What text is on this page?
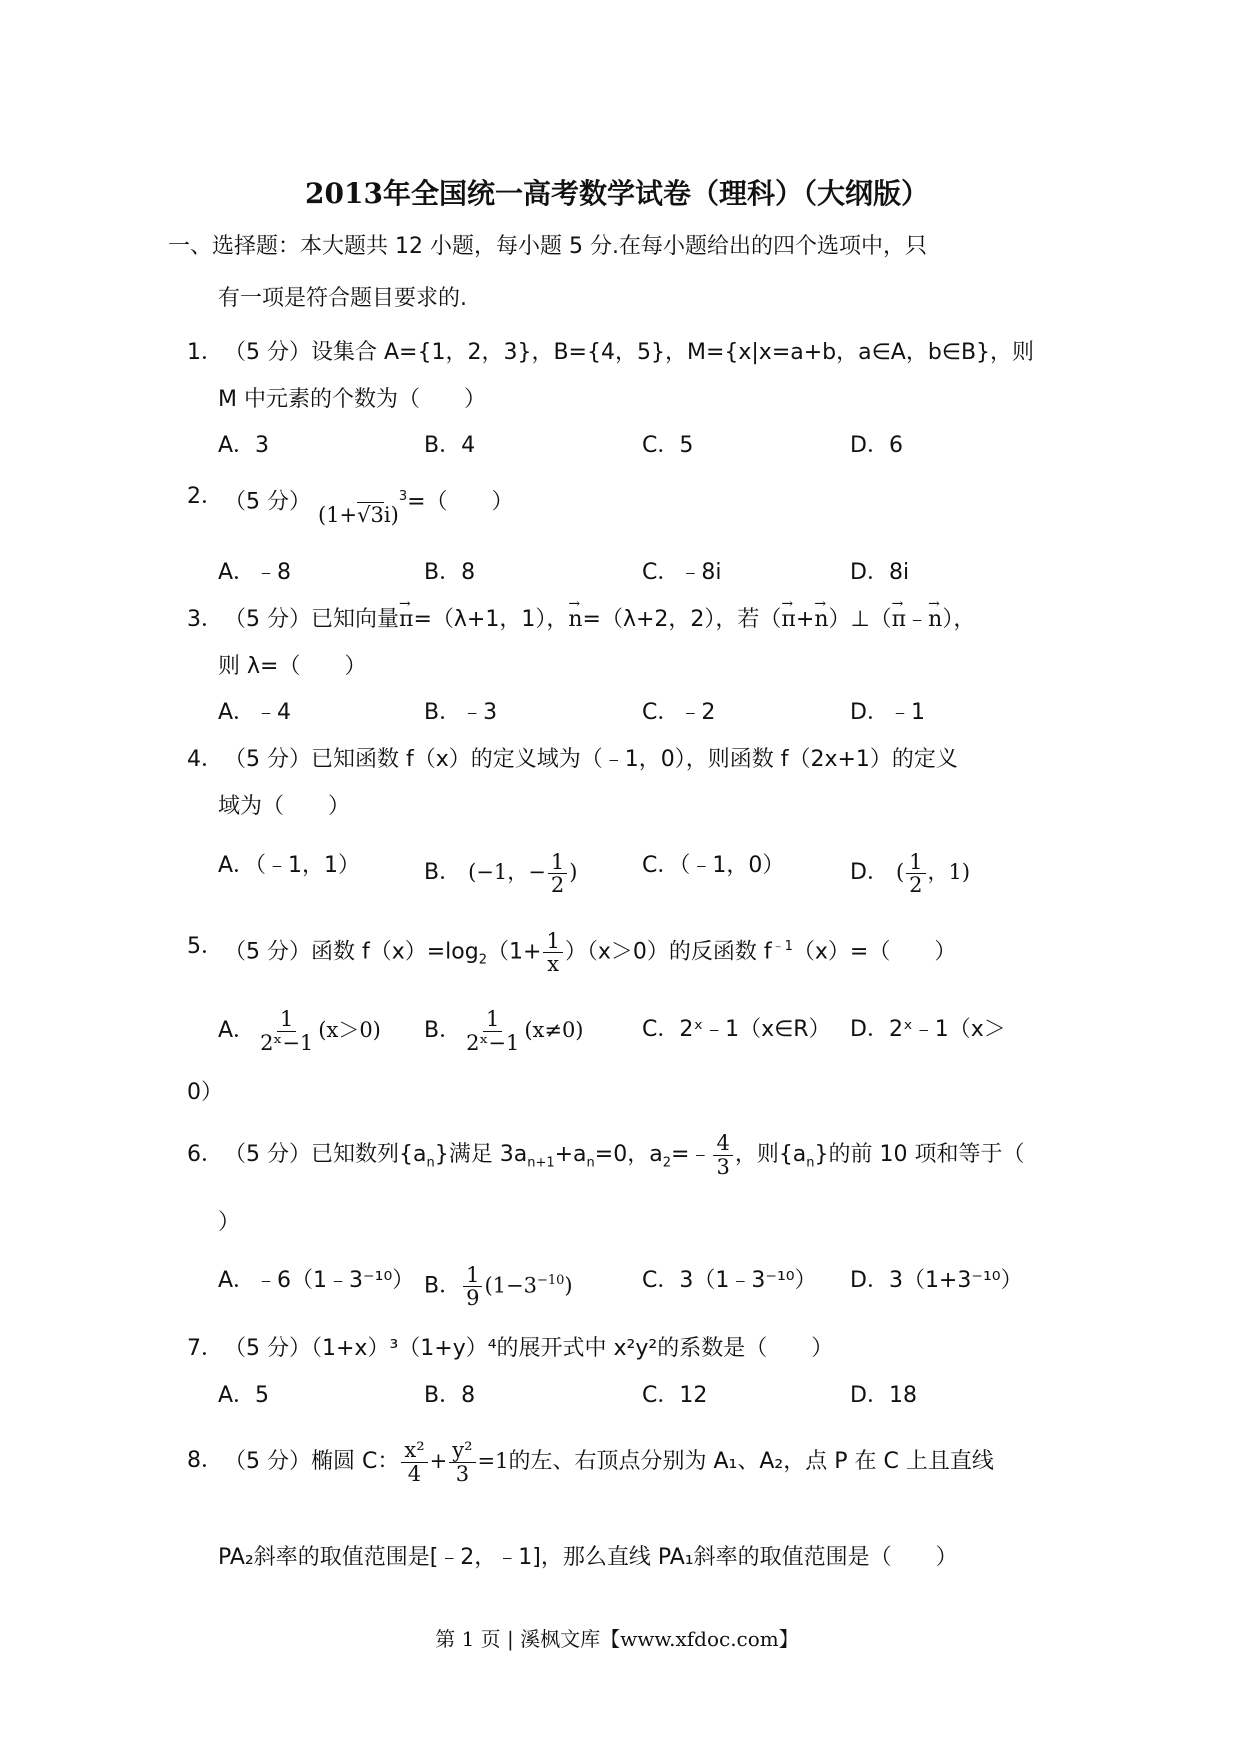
2013年全国统一高考数学试卷（理科）（大纲版）
一、选择题：本大题共 12 小题，每小题 5 分.在每小题给出的四个选项中，只
有一项是符合题目要求的.
1． （5 分）设集合 A={1，2，3}，B={4，5}，M={x|x=a+b，a∈A，b∈B}，则
M 中元素的个数为（　　）
A．3	B．4	C．5	D．6
2． （5 分） $(1+√3i)^3=$（　　）
A．﹣8	B．8	C．﹣8i	D．8i
3． （5 分）已知向量→ π=（λ+1，1），→ n=（λ+2，2），若（→ π+→ n）⊥（→ π﹣→ n），
则 λ=（　　）
A．﹣4	B．﹣3	C．﹣2	D．﹣1
4． （5 分）已知函数 f（x）的定义域为（﹣1，0），则函数 f（2x+1）的定义
域为（　　）
A．（﹣1，1）	B． (−1，− $\frac{1}{2}$ )	C．（﹣1，0）	D． ( $\frac{1}{2}$ ，1)
5． （5 分）函数 $f(x)=\log_2(1+ \frac{1}{x} )(x>0)$的反函数 $f^{﹣1}(x)=$（　　）
A． $\frac{1}{\text{2ˣ−1}} (x>0)$ B． $\frac{1}{\text{2ˣ−1}} (x\ne 0)$	C．2ˣ﹣1（x∈R） D．2ˣ﹣1（x＞
0）
6． （5 分）已知数列$\{a_n\}$满足 $3a_{n+1}+a_n=0$，$a_2=﹣ \frac{4}{3}$ ，则$\{a_n\}$的前 10 项和等于（
）
A．﹣6（1﹣3⁻¹⁰） B． $\frac{1}{9} (1-3^{-10})$	C．3（1﹣3⁻¹⁰） D．3（1+3⁻¹⁰）
7． （5 分）（1+x）³（1+y）⁴的展开式中 x²y²的系数是（　　）
A．5	B．8	C．12	D．18
8． （5 分）椭圆 C： $\frac{\text{x²}}{4} + \frac{\text{y²}}{3} =1$的左、右顶点分别为 A₁、A₂，点 P 在 C 上且直线
PA₂斜率的取值范围是[﹣2，﹣1]，那么直线 PA₁斜率的取值范围是（　　）
第 1 页 | 溪枫文库【www.xfdoc.com】
